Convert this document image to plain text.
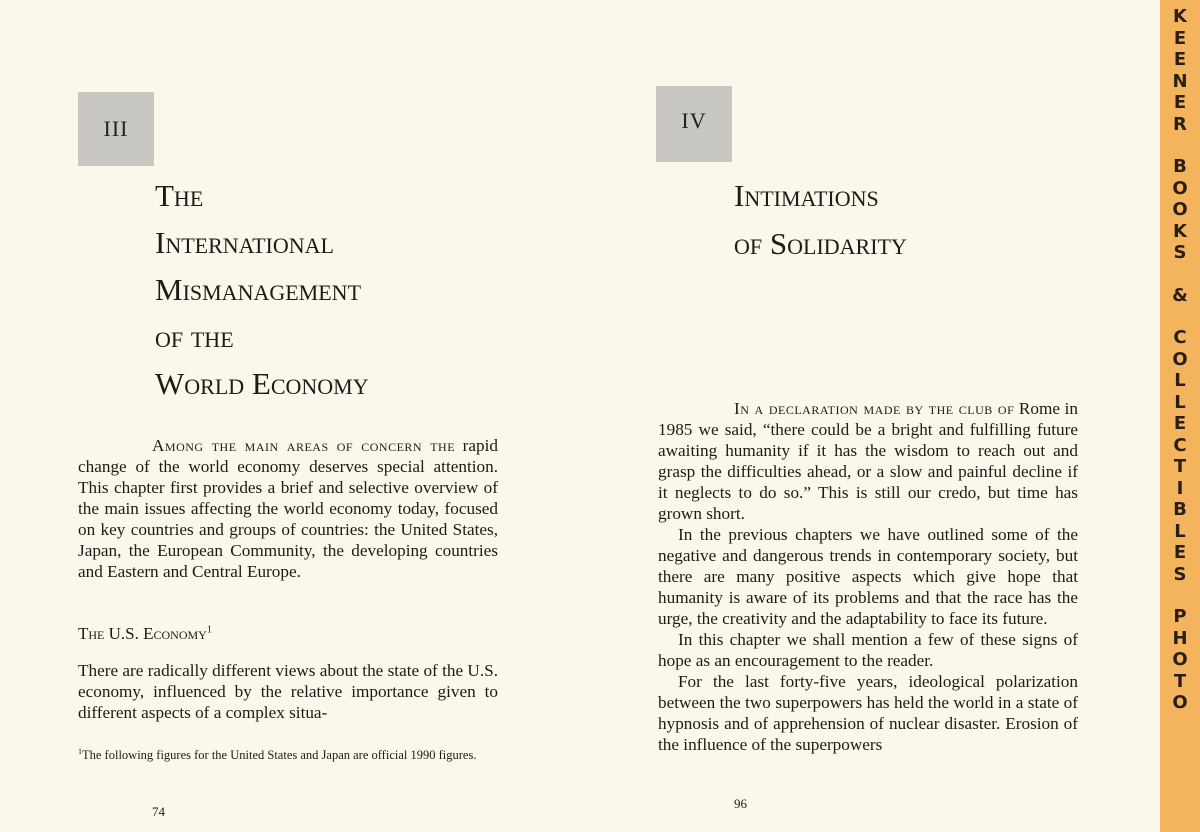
III
The
International
Mismanagement
of the
World Economy

Among the main areas of concern the rapid change of the world economy deserves special attention. This chapter first provides a brief and selective overview of the main issues affecting the world economy today, focused on key countries and groups of countries: the United States, Japan, the European Community, the developing countries and Eastern and Central Europe.

The U.S. Economy$^1$

There are radically different views about the state of the U.S. economy, influenced by the relative importance given to different aspects of a complex situa-

$^1$The following figures for the United States and Japan are official 1990 figures.

74

IV
Intimations
of Solidarity

In a declaration made by the club of Rome in 1985 we said, “there could be a bright and fulfilling future awaiting humanity if it has the wisdom to reach out and grasp the difficulties ahead, or a slow and painful decline if it neglects to do so.” This is still our credo, but time has grown short.

In the previous chapters we have outlined some of the negative and dangerous trends in contemporary society, but there are many positive aspects which give hope that humanity is aware of its problems and that the race has the urge, the creativity and the adaptability to face its future.

In this chapter we shall mention a few of these signs of hope as an encouragement to the reader.

For the last forty-five years, ideological polarization between the two superpowers has held the world in a state of hypnosis and of apprehension of nuclear disaster. Erosion of the influence of the superpowers

96

K
E
E
N
E
R
B
O
O
K
S
&
C
O
L
L
E
C
T
I
B
L
E
S
P
H
O
T
O
